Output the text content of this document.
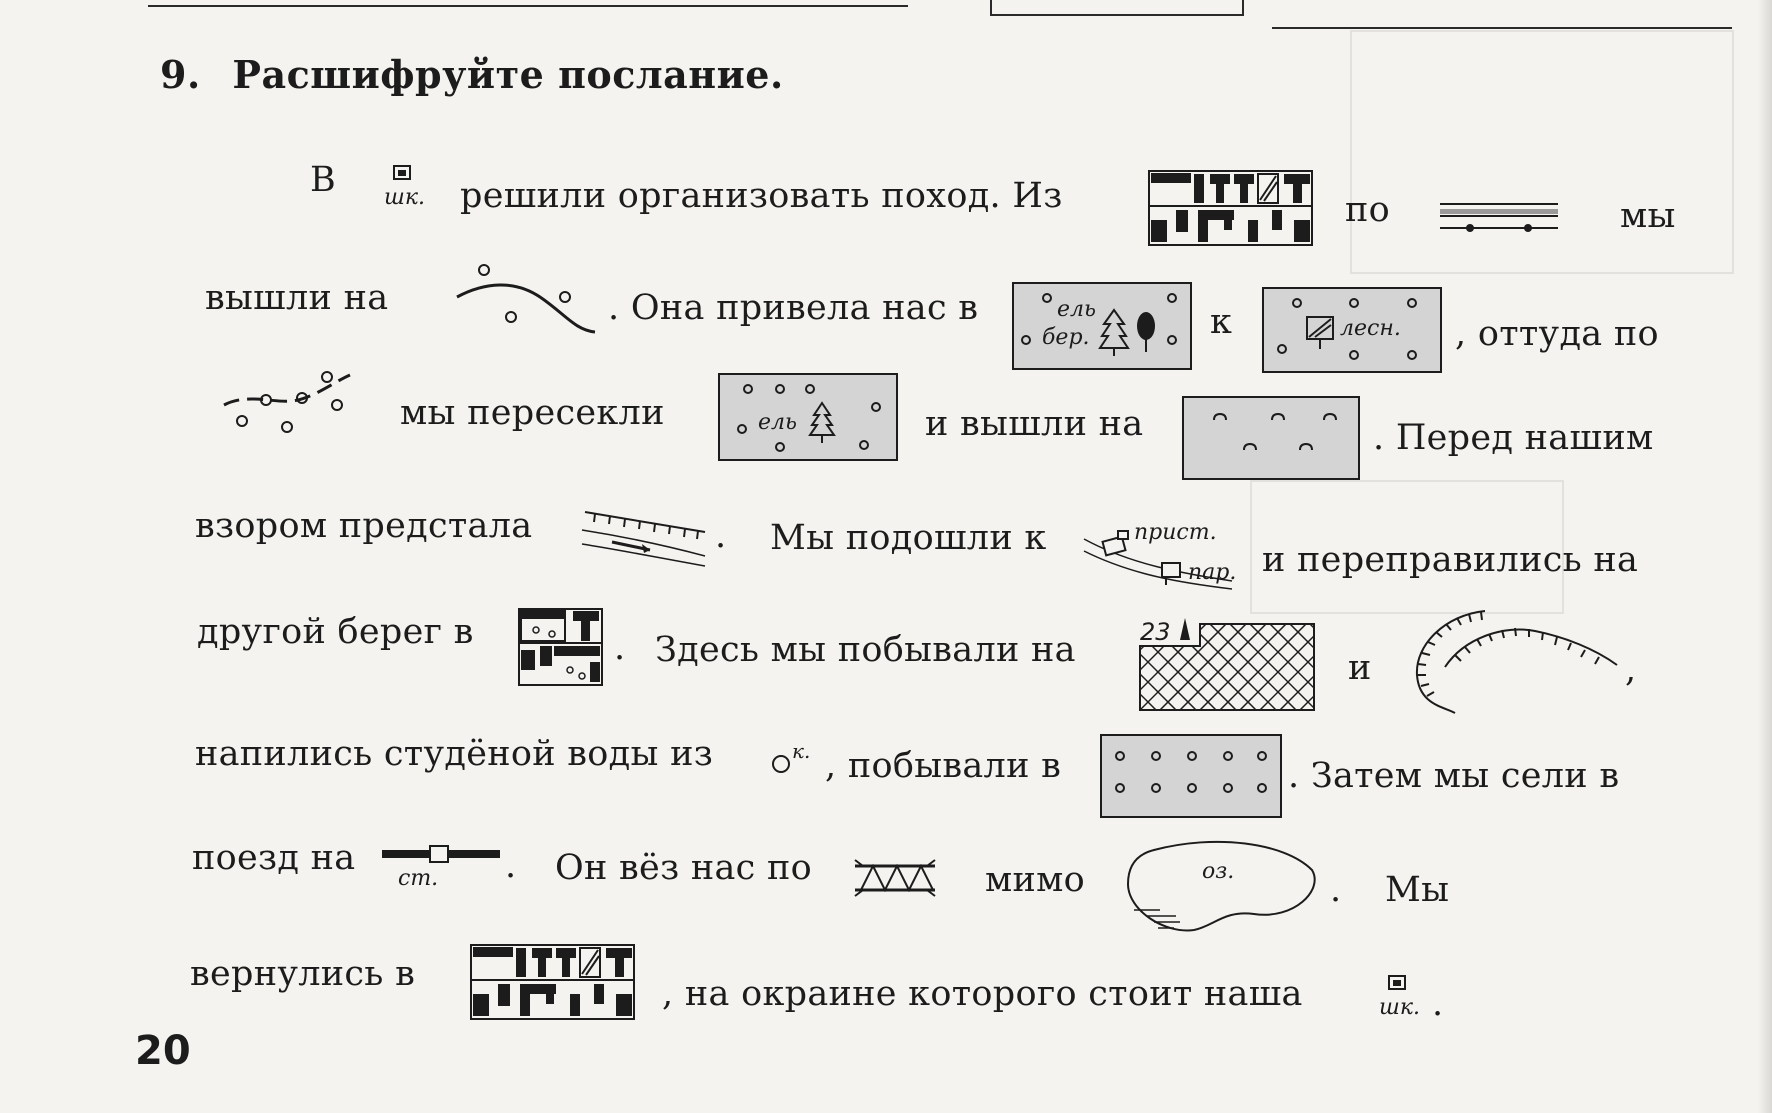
9. Расшифруйте послание.
В шк. решили организовать поход. Из	по	мы
вышли на	. Она привела нас в	ель
бер.	к	лесн. , оттуда по
мы пересекли	ель	и вышли на	. Перед нашим
взором предстала	. Мы подошли к	прист.
пар. и переправились на
другой берег в	. Здесь мы побывали на	23
и	,
напились студёной воды из	к. , побывали в	. Затем мы сели в
поезд на
ст. . Он вёз нас по	мимо	оз.	. Мы
вернулись в	, на окраине которого стоит наша	шк. .
20
